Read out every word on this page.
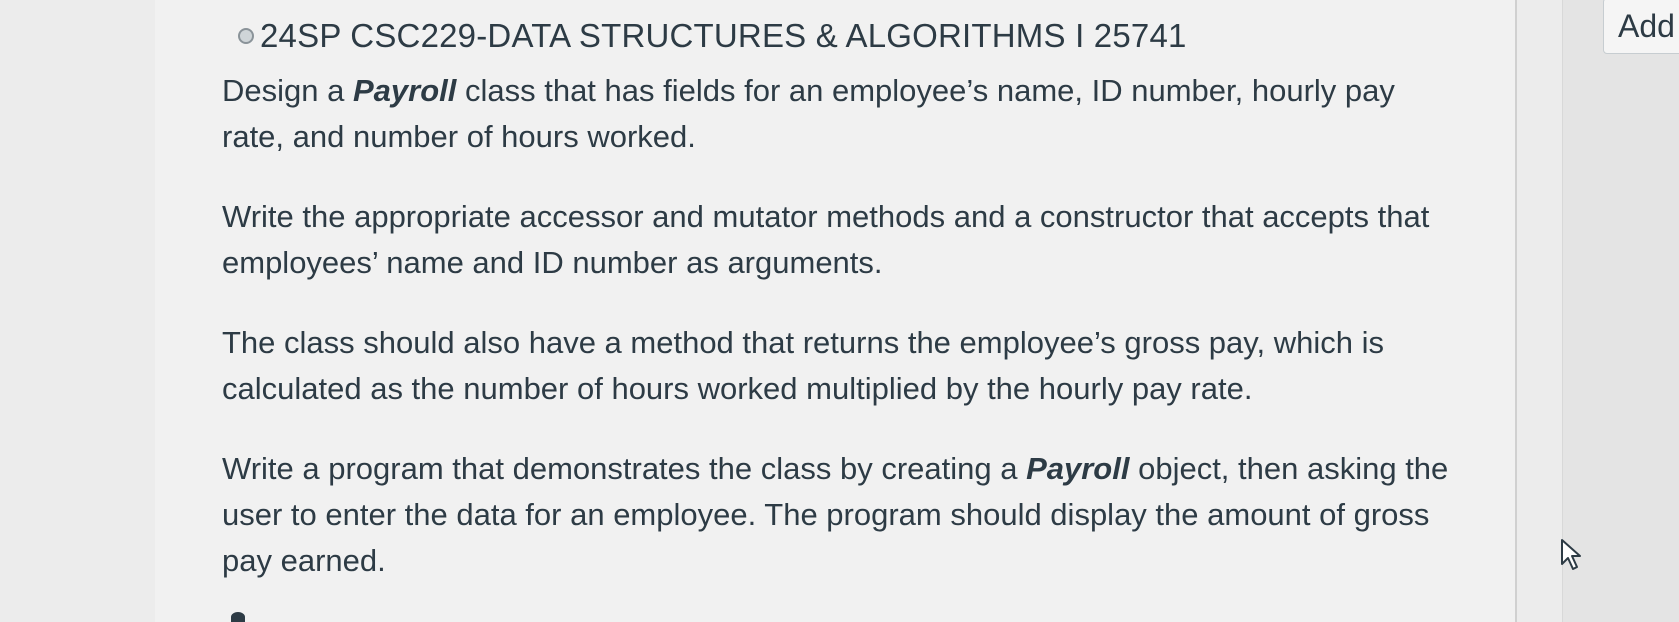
Add
24SP CSC229-DATA STRUCTURES & ALGORITHMS I 25741

Design a Payroll class that has fields for an employee’s name, ID number, hourly pay rate, and number of hours worked.

Write the appropriate accessor and mutator methods and a constructor that accepts that employees’ name and ID number as arguments.

The class should also have a method that returns the employee’s gross pay, which is calculated as the number of hours worked multiplied by the hourly pay rate.

Write a program that demonstrates the class by creating a Payroll object, then asking the user to enter the data for an employee. The program should display the amount of gross pay earned.
